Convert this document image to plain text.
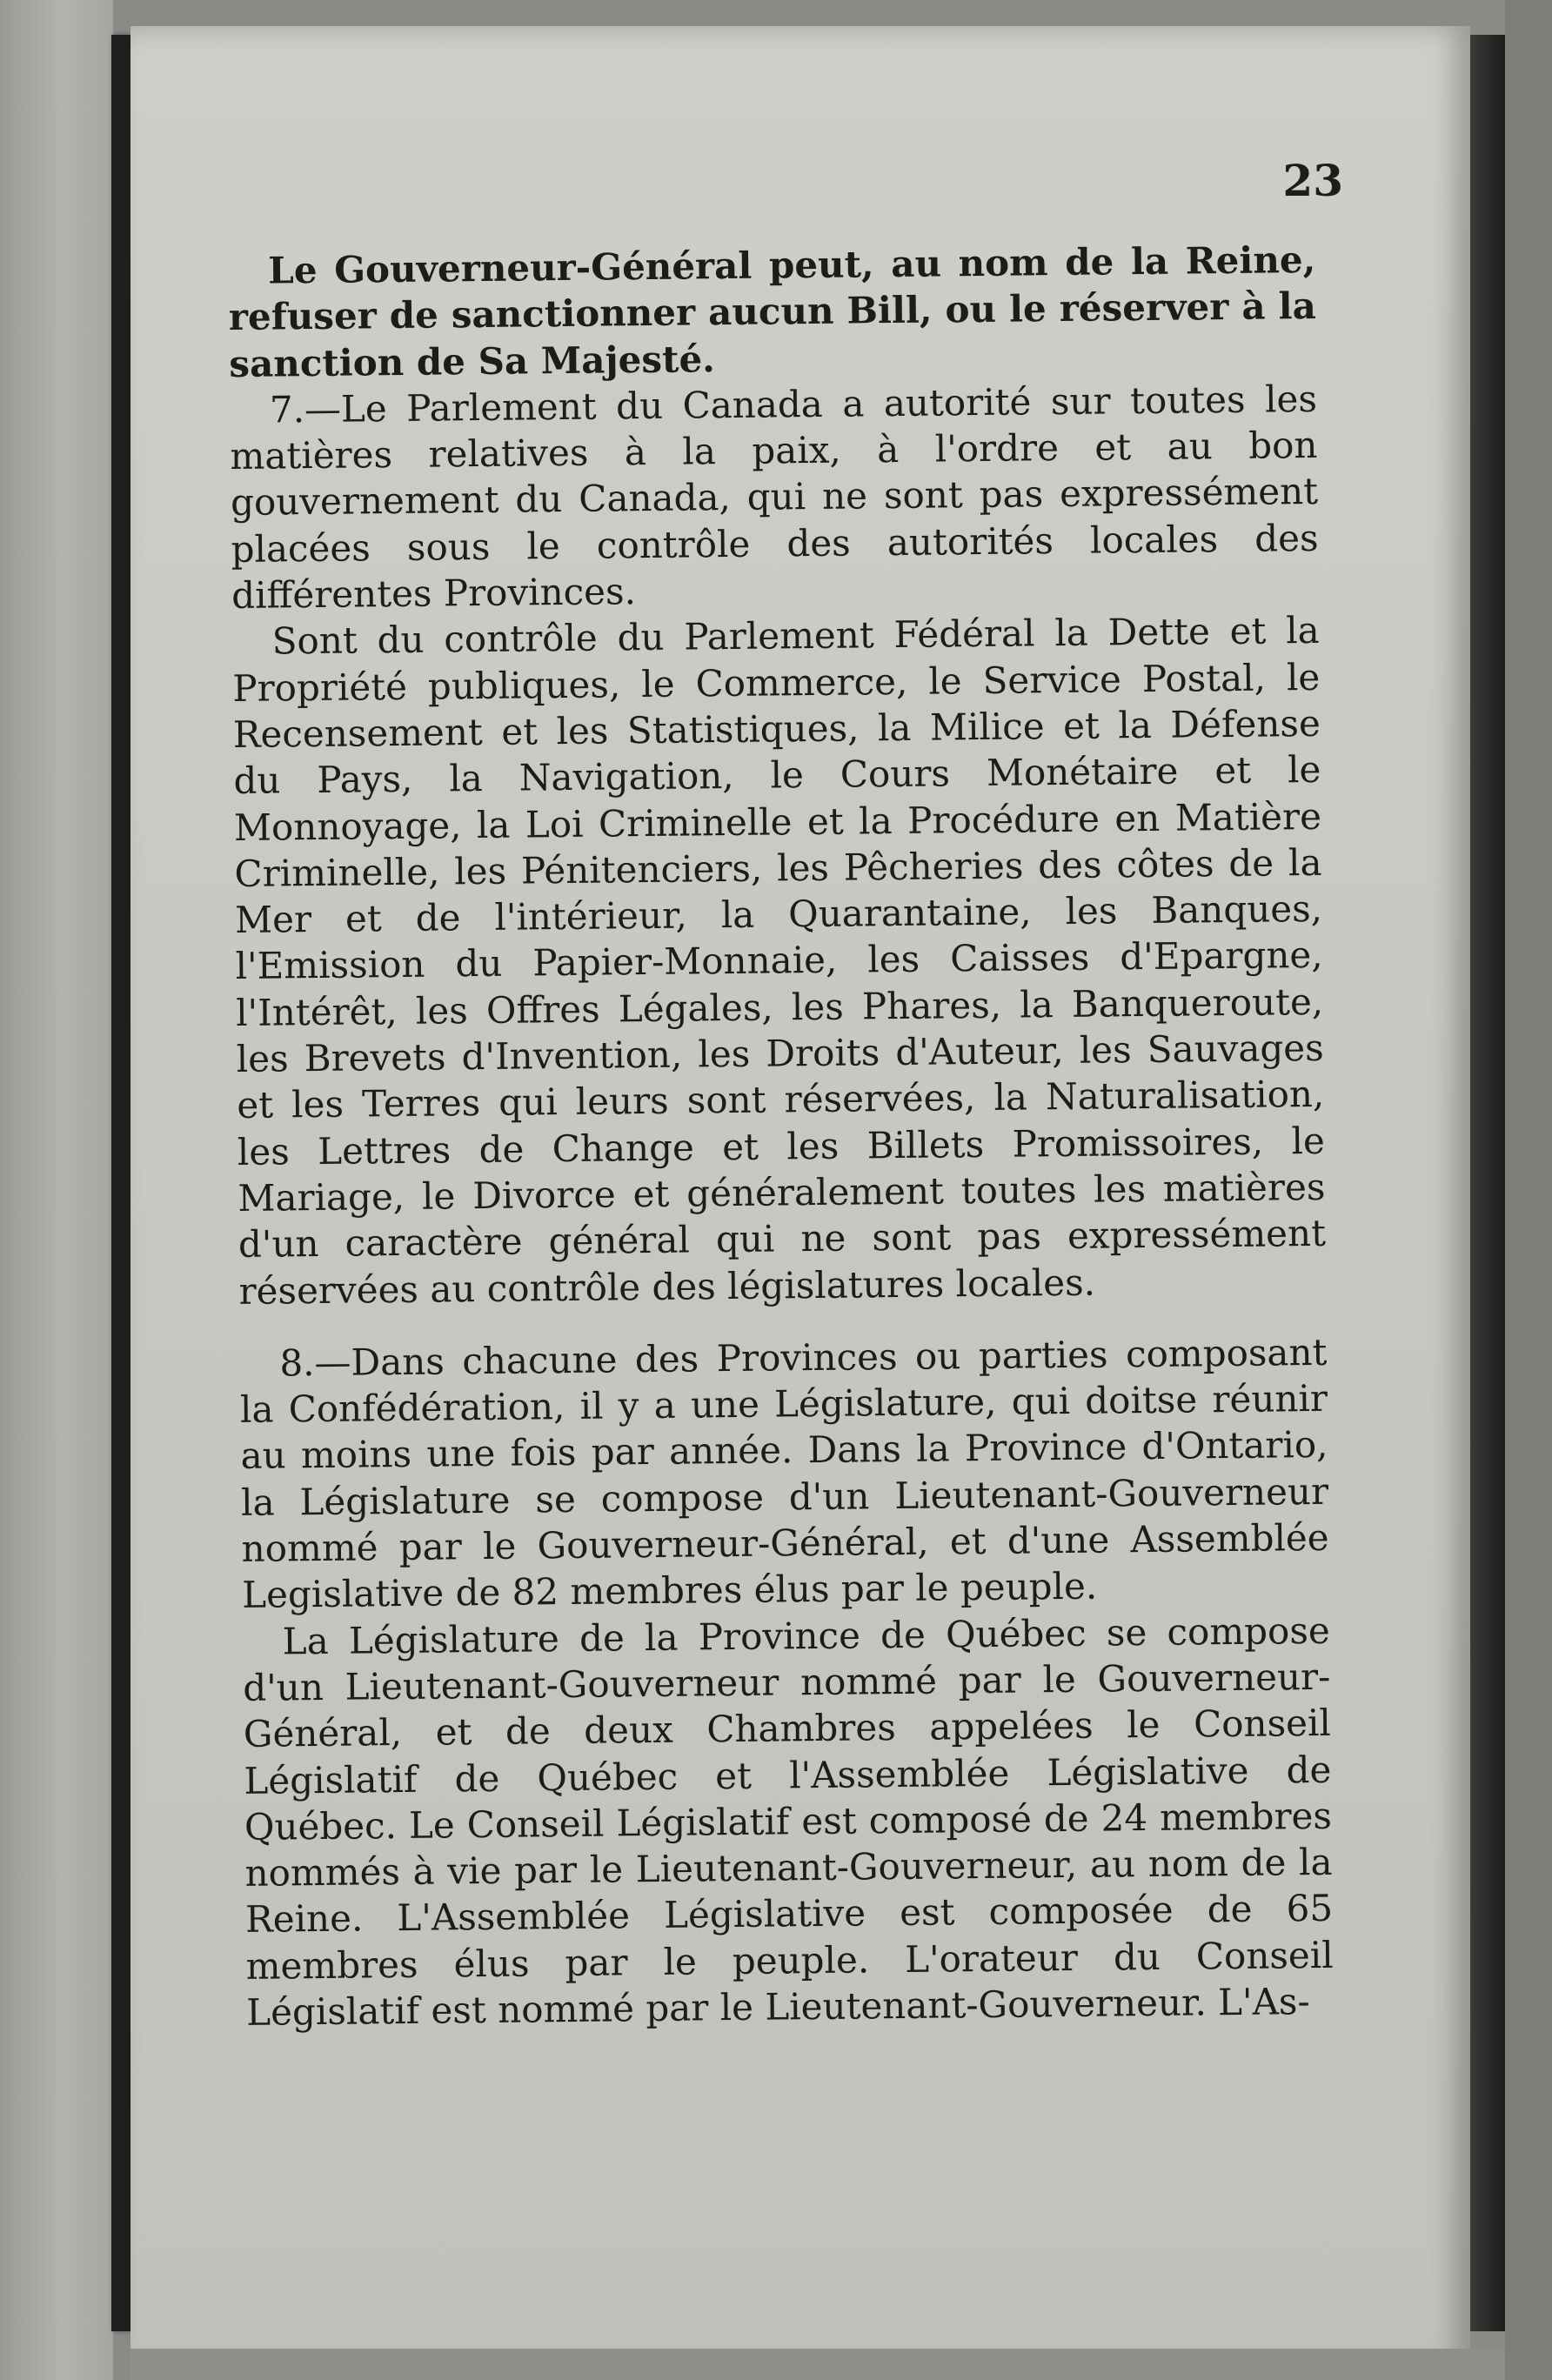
23

Le Gouverneur-Général peut, au nom de la Reine, refuser de sanctionner aucun Bill, ou le réserver à la sanction de Sa Majesté.

7.—Le Parlement du Canada a autorité sur toutes les matières relatives à la paix, à l'ordre et au bon gouvernement du Canada, qui ne sont pas expressément placées sous le contrôle des autorités locales des différentes Provinces.

Sont du contrôle du Parlement Fédéral la Dette et la Propriété publiques, le Commerce, le Service Postal, le Recensement et les Statistiques, la Milice et la Défense du Pays, la Navigation, le Cours Monétaire et le Monnoyage, la Loi Criminelle et la Procédure en Matière Criminelle, les Pénitenciers, les Pêcheries des côtes de la Mer et de l'intérieur, la Quarantaine, les Banques, l'Emission du Papier-Monnaie, les Caisses d'Epargne, l'Intérêt, les Offres Légales, les Phares, la Banqueroute, les Brevets d'Invention, les Droits d'Auteur, les Sauvages et les Terres qui leurs sont réservées, la Naturalisation, les Lettres de Change et les Billets Promissoires, le Mariage, le Divorce et généralement toutes les matières d'un caractère général qui ne sont pas expressément réservées au contrôle des législatures locales.

8.—Dans chacune des Provinces ou parties composant la Confédération, il y a une Législature, qui doitse réunir au moins une fois par année. Dans la Province d'Ontario, la Législature se compose d'un Lieutenant-Gouverneur nommé par le Gouverneur-Général, et d'une Assemblée Legislative de 82 membres élus par le peuple.

La Législature de la Province de Québec se compose d'un Lieutenant-Gouverneur nommé par le Gouverneur-Général, et de deux Chambres appelées le Conseil Législatif de Québec et l'Assemblée Législative de Québec. Le Conseil Législatif est composé de 24 membres nommés à vie par le Lieutenant-Gouverneur, au nom de la Reine. L'Assemblée Législative est composée de 65 membres élus par le peuple. L'orateur du Conseil Législatif est nommé par le Lieutenant-Gouverneur. L'As-
